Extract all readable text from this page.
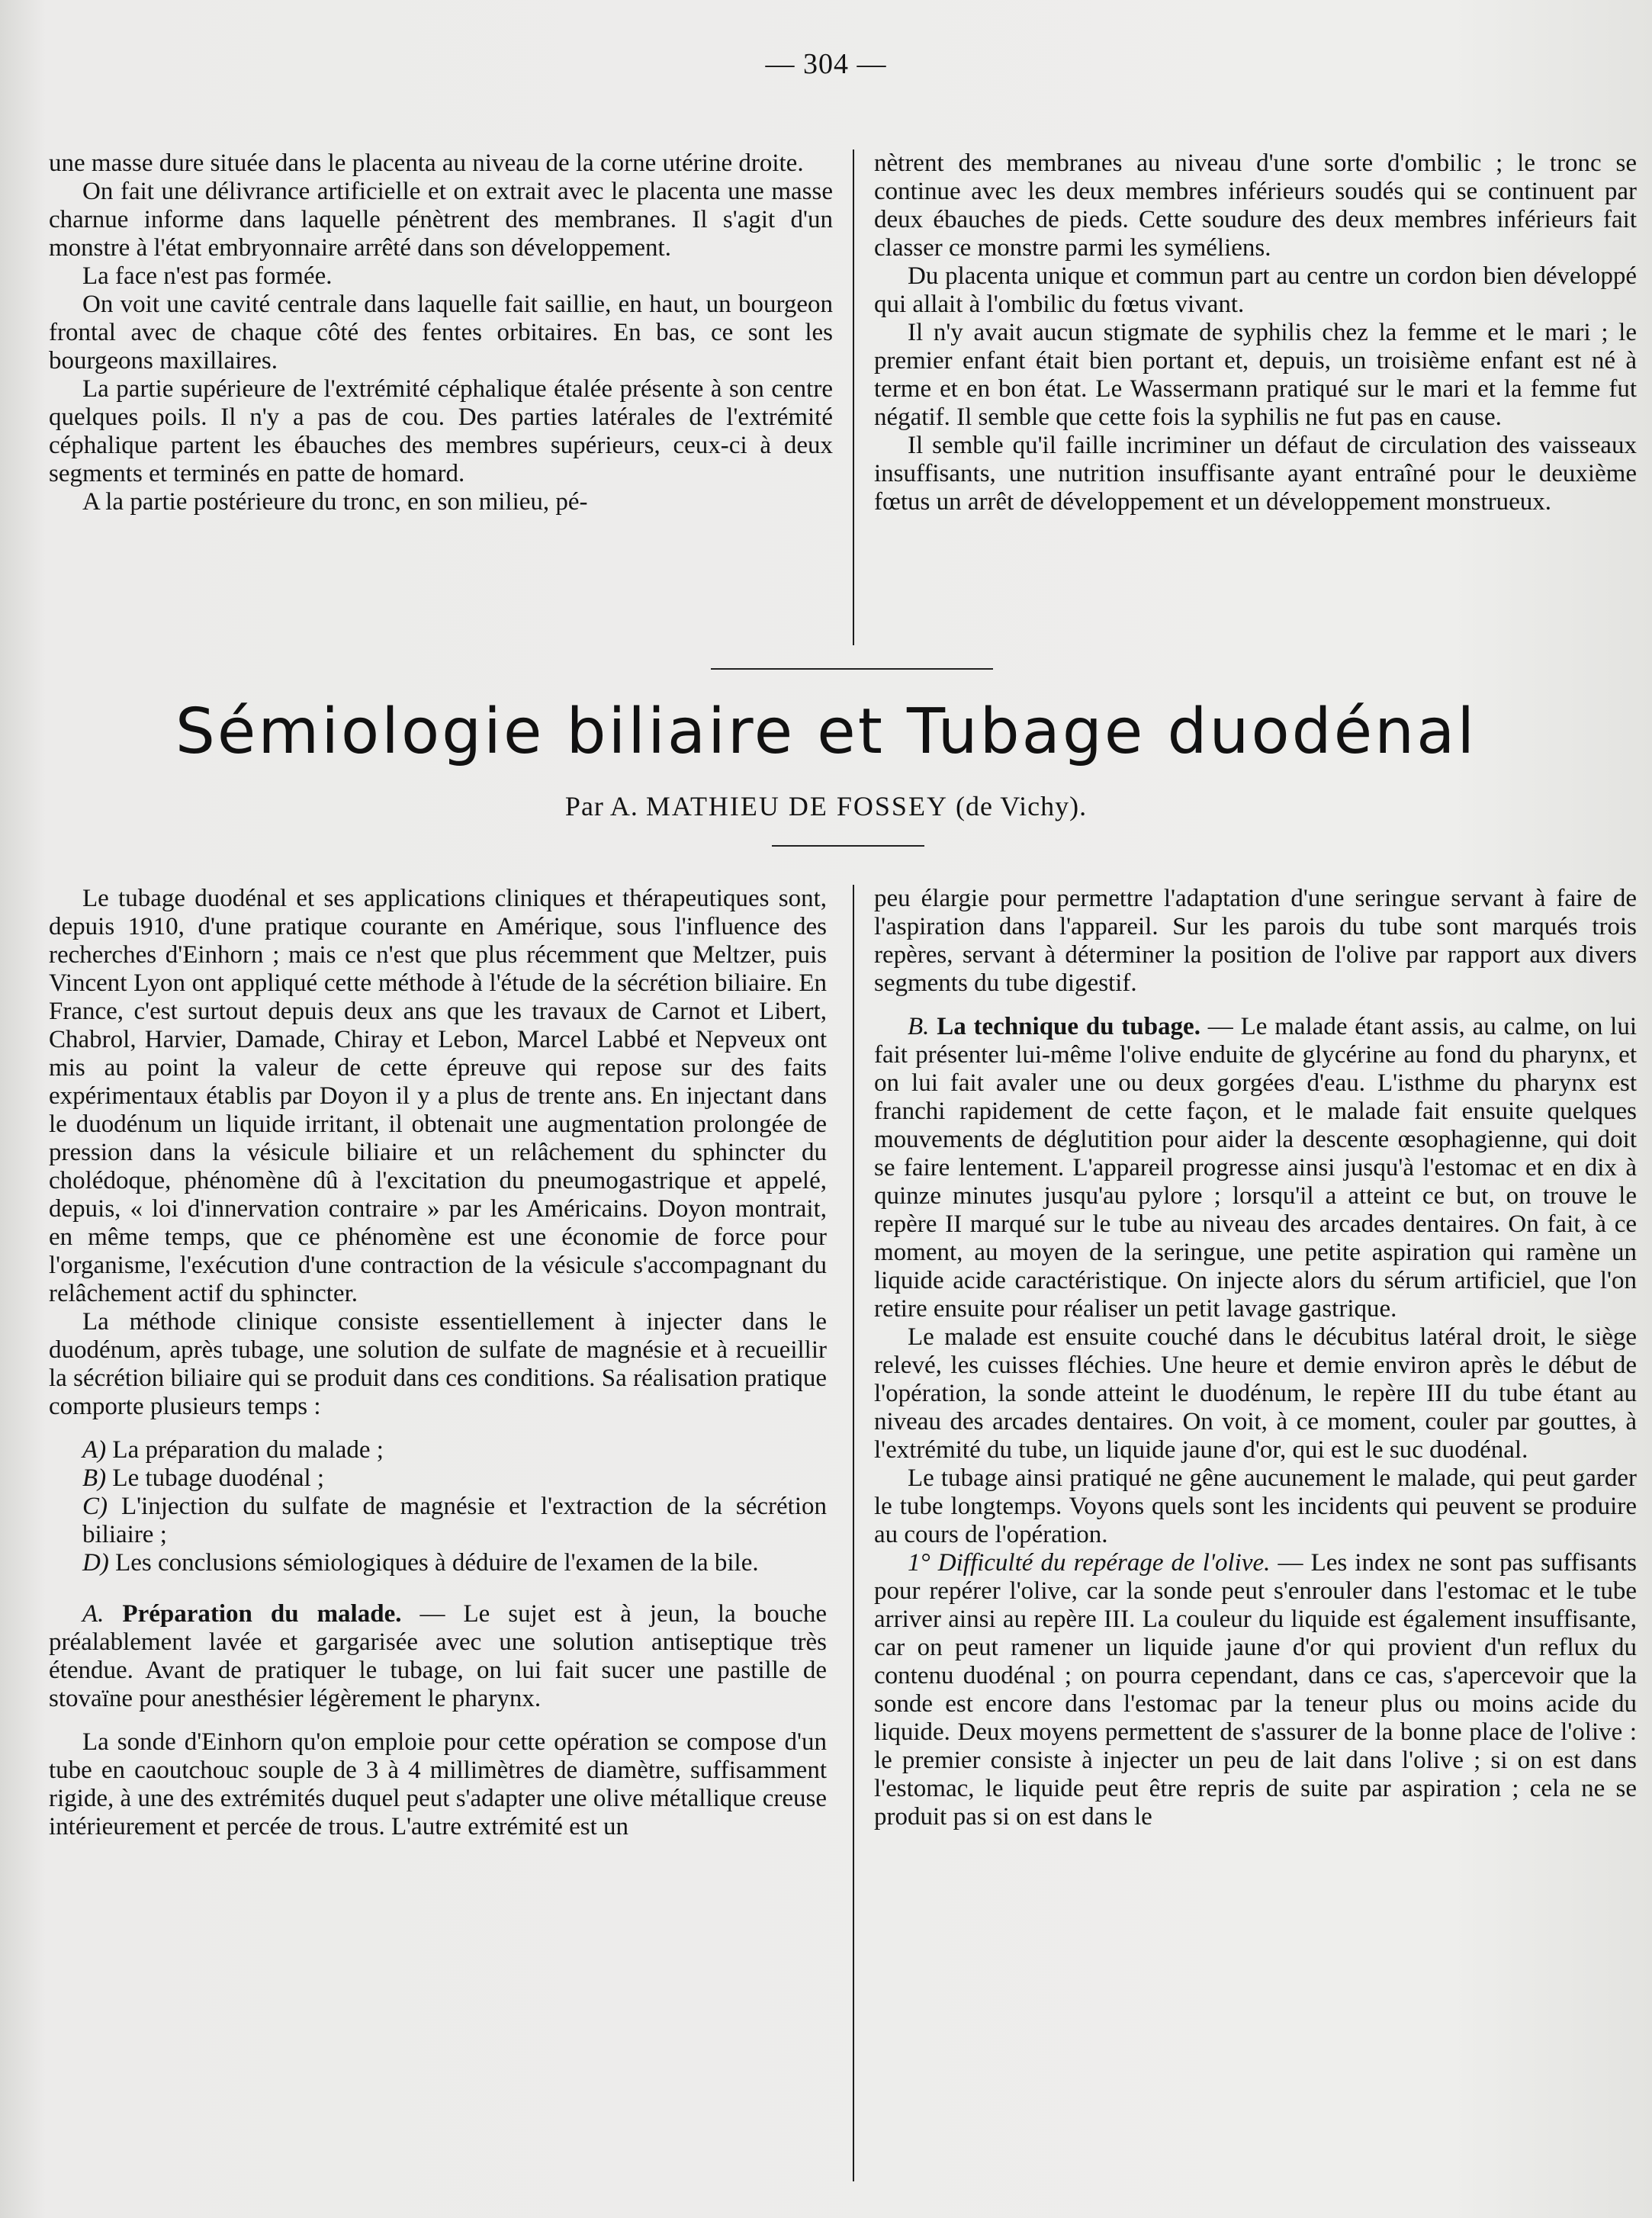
— 304 —

une masse dure située dans le placenta au niveau de la corne utérine droite.

On fait une délivrance artificielle et on extrait avec le placenta une masse charnue informe dans laquelle pénètrent des membranes. Il s'agit d'un monstre à l'état embryonnaire arrêté dans son développement.

La face n'est pas formée.

On voit une cavité centrale dans laquelle fait saillie, en haut, un bourgeon frontal avec de chaque côté des fentes orbitaires. En bas, ce sont les bourgeons maxillaires.

La partie supérieure de l'extrémité céphalique étalée présente à son centre quelques poils. Il n'y a pas de cou. Des parties latérales de l'extrémité céphalique partent les ébauches des membres supérieurs, ceux-ci à deux segments et terminés en patte de homard.

A la partie postérieure du tronc, en son milieu, pé-

nètrent des membranes au niveau d'une sorte d'ombilic ; le tronc se continue avec les deux membres inférieurs soudés qui se continuent par deux ébauches de pieds. Cette soudure des deux membres inférieurs fait classer ce monstre parmi les syméliens.

Du placenta unique et commun part au centre un cordon bien développé qui allait à l'ombilic du fœtus vivant.

Il n'y avait aucun stigmate de syphilis chez la femme et le mari ; le premier enfant était bien portant et, depuis, un troisième enfant est né à terme et en bon état. Le Wassermann pratiqué sur le mari et la femme fut négatif. Il semble que cette fois la syphilis ne fut pas en cause.

Il semble qu'il faille incriminer un défaut de circulation des vaisseaux insuffisants, une nutrition insuffisante ayant entraîné pour le deuxième fœtus un arrêt de développement et un développement monstrueux.

Sémiologie biliaire et Tubage duodénal
Par A. MATHIEU DE FOSSEY (de Vichy).

Le tubage duodénal et ses applications cliniques et thérapeutiques sont, depuis 1910, d'une pratique courante en Amérique, sous l'influence des recherches d'Einhorn ; mais ce n'est que plus récemment que Meltzer, puis Vincent Lyon ont appliqué cette méthode à l'étude de la sécrétion biliaire. En France, c'est surtout depuis deux ans que les travaux de Carnot et Libert, Chabrol, Harvier, Damade, Chiray et Lebon, Marcel Labbé et Nepveux ont mis au point la valeur de cette épreuve qui repose sur des faits expérimentaux établis par Doyon il y a plus de trente ans. En injectant dans le duodénum un liquide irritant, il obtenait une augmentation prolongée de pression dans la vésicule biliaire et un relâchement du sphincter du cholédoque, phénomène dû à l'excitation du pneumogastrique et appelé, depuis, « loi d'innervation contraire » par les Américains. Doyon montrait, en même temps, que ce phénomène est une économie de force pour l'organisme, l'exécution d'une contraction de la vésicule s'accompagnant du relâchement actif du sphincter.

La méthode clinique consiste essentiellement à injecter dans le duodénum, après tubage, une solution de sulfate de magnésie et à recueillir la sécrétion biliaire qui se produit dans ces conditions. Sa réalisation pratique comporte plusieurs temps :

A) La préparation du malade ;

B) Le tubage duodénal ;

C) L'injection du sulfate de magnésie et l'extraction de la sécrétion biliaire ;

D) Les conclusions sémiologiques à déduire de l'examen de la bile.

A. Préparation du malade. — Le sujet est à jeun, la bouche préalablement lavée et gargarisée avec une solution antiseptique très étendue. Avant de pratiquer le tubage, on lui fait sucer une pastille de stovaïne pour anesthésier légèrement le pharynx.

La sonde d'Einhorn qu'on emploie pour cette opération se compose d'un tube en caoutchouc souple de 3 à 4 millimètres de diamètre, suffisamment rigide, à une des extrémités duquel peut s'adapter une olive métallique creuse intérieurement et percée de trous. L'autre extrémité est un

peu élargie pour permettre l'adaptation d'une seringue servant à faire de l'aspiration dans l'appareil. Sur les parois du tube sont marqués trois repères, servant à déterminer la position de l'olive par rapport aux divers segments du tube digestif.

B. La technique du tubage. — Le malade étant assis, au calme, on lui fait présenter lui-même l'olive enduite de glycérine au fond du pharynx, et on lui fait avaler une ou deux gorgées d'eau. L'isthme du pharynx est franchi rapidement de cette façon, et le malade fait ensuite quelques mouvements de déglutition pour aider la descente œsophagienne, qui doit se faire lentement. L'appareil progresse ainsi jusqu'à l'estomac et en dix à quinze minutes jusqu'au pylore ; lorsqu'il a atteint ce but, on trouve le repère II marqué sur le tube au niveau des arcades dentaires. On fait, à ce moment, au moyen de la seringue, une petite aspiration qui ramène un liquide acide caractéristique. On injecte alors du sérum artificiel, que l'on retire ensuite pour réaliser un petit lavage gastrique.

Le malade est ensuite couché dans le décubitus latéral droit, le siège relevé, les cuisses fléchies. Une heure et demie environ après le début de l'opération, la sonde atteint le duodénum, le repère III du tube étant au niveau des arcades dentaires. On voit, à ce moment, couler par gouttes, à l'extrémité du tube, un liquide jaune d'or, qui est le suc duodénal.

Le tubage ainsi pratiqué ne gêne aucunement le malade, qui peut garder le tube longtemps. Voyons quels sont les incidents qui peuvent se produire au cours de l'opération.

1° Difficulté du repérage de l'olive. — Les index ne sont pas suffisants pour repérer l'olive, car la sonde peut s'enrouler dans l'estomac et le tube arriver ainsi au repère III. La couleur du liquide est également insuffisante, car on peut ramener un liquide jaune d'or qui provient d'un reflux du contenu duodénal ; on pourra cependant, dans ce cas, s'apercevoir que la sonde est encore dans l'estomac par la teneur plus ou moins acide du liquide. Deux moyens permettent de s'assurer de la bonne place de l'olive : le premier consiste à injecter un peu de lait dans l'olive ; si on est dans l'estomac, le liquide peut être repris de suite par aspiration ; cela ne se produit pas si on est dans le
